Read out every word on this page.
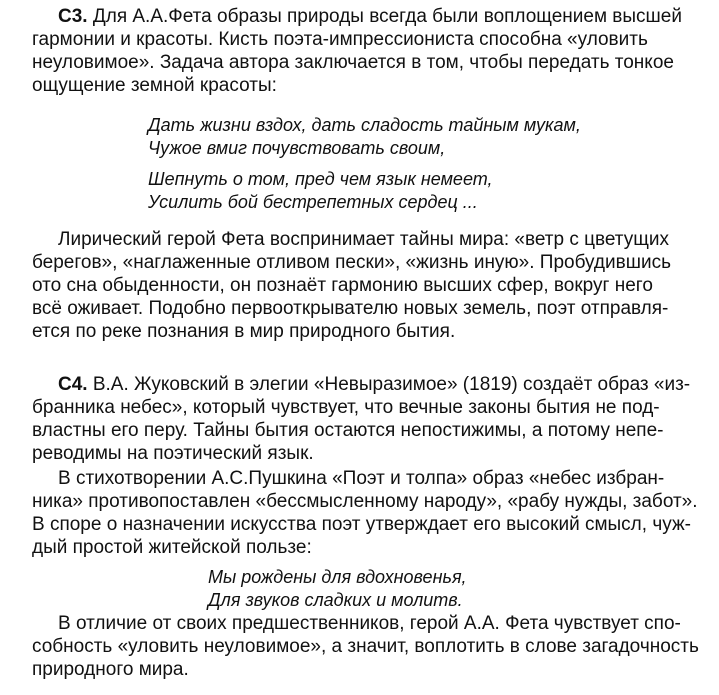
С3. Для А.А.Фета образы природы всегда были воплощением высшей
гармонии и красоты. Кисть поэта-импрессиониста способна «уловить
неуловимое». Задача автора заключается в том, чтобы передать тонкое
ощущение земной красоты:
Дать жизни вздох, дать сладость тайным мукам,
Чужое вмиг почувствовать своим,
Шепнуть о том, пред чем язык немеет,
Усилить бой бестрепетных сердец ...
Лирический герой Фета воспринимает тайны мира: «ветр с цветущих
берегов», «наглаженные отливом пески», «жизнь иную». Пробудившись
ото сна обыденности, он познаёт гармонию высших сфер, вокруг него
всё оживает. Подобно первооткрывателю новых земель, поэт отправля-
ется по реке познания в мир природного бытия.
С4. В.А. Жуковский в элегии «Невыразимое» (1819) создаёт образ «из-
бранника небес», который чувствует, что вечные законы бытия не под-
властны его перу. Тайны бытия остаются непостижимы, а потому непе-
реводимы на поэтический язык.
В стихотворении А.С.Пушкина «Поэт и толпа» образ «небес избран-
ника» противопоставлен «бессмысленному народу», «рабу нужды, забот».
В споре о назначении искусства поэт утверждает его высокий смысл, чуж-
дый простой житейской пользе:
Мы рождены для вдохновенья,
Для звуков сладких и молитв.
В отличие от своих предшественников, герой А.А. Фета чувствует спо-
собность «уловить неуловимое», а значит, воплотить в слове загадочность
природного мира.
